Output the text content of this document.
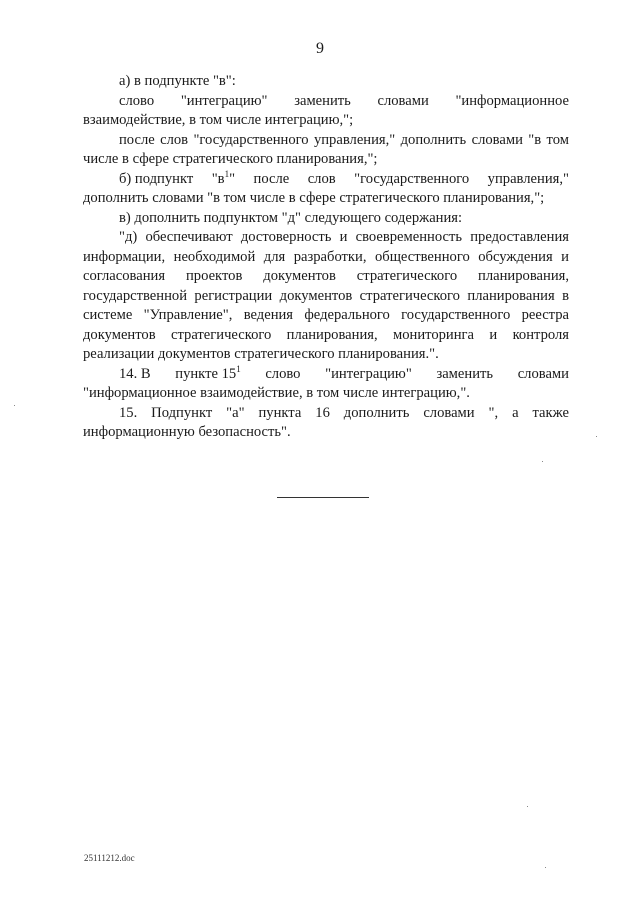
9

а) в подпункте "в":

слово "интеграцию" заменить словами "информационное
взаимодействие, в том числе интеграцию,";

после слов "государственного управления," дополнить словами "в том числе в сфере стратегического планирования,";

б) подпункт "$в^1$" после слов "государственного управления,"
дополнить словами "в том числе в сфере стратегического планирования,";

в) дополнить подпунктом "д" следующего содержания:

"д) обеспечивают достоверность и своевременность предоставления информации, необходимой для разработки, общественного обсуждения и согласования проектов документов стратегического планирования, государственной регистрации документов стратегического планирования в системе "Управление", ведения федерального государственного реестра документов стратегического планирования, мониторинга и контроля реализации документов стратегического планирования.".

14. В пункте $15^1$ слово "интеграцию" заменить словами
"информационное взаимодействие, в том числе интеграцию,".

15. Подпункт "а" пункта 16 дополнить словами ", а также информационную безопасность".

25111212.doc
